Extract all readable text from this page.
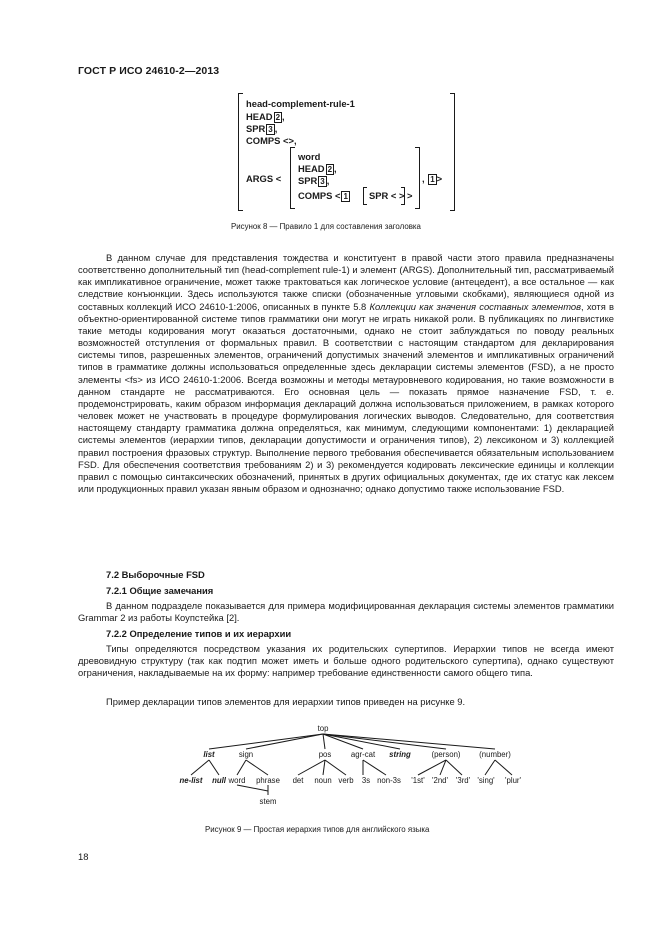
ГОСТ Р ИСО 24610-2—2013
head-complement-rule-1
HEAD 2 ,
SPR 3 ,
COMPS <>,
ARGS <
word
HEAD 2 ,
SPR 3 ,
COMPS < 1 SPR < > >
, 1 >
Рисунок 8 — Правило 1 для составления заголовка

В данном случае для представления тождества и конституент в правой части этого правила предназначены соответственно дополнительный тип (head-complement rule-1) и элемент (ARGS). Дополнительный тип, рассматриваемый как импликативное ограничение, может также трактоваться как логическое условие (антецедент), а все остальное — как следствие конъюнкции. Здесь используются также списки (обозначенные угловыми скобками), являющиеся одной из составных коллекций ИСО 24610-1:2006, описанных в пункте 5.8 Коллекции как значения составных элементов, хотя в объектно-ориентированной системе типов грамматики они могут не играть никакой роли. В публикациях по лингвистике такие методы кодирования могут оказаться достаточными, однако не стоит заблуждаться по поводу реальных возможностей отступления от формальных правил. В соответствии с настоящим стандартом для декларирования системы типов, разрешенных элементов, ограничений допустимых значений элементов и импликативных ограничений типов в грамматике должны использоваться определенные здесь декларации системы элементов (FSD), а не просто элементы <fs> из ИСО 24610-1:2006. Всегда возможны и методы метауровневого кодирования, но такие возможности в данном стандарте не рассматриваются. Его основная цель — показать прямое назначение FSD, т. е. продемонстрировать, каким образом информация деклараций должна использоваться приложением, в рамках которого человек может не участвовать в процедуре формулирования логических выводов. Следовательно, для соответствия настоящему стандарту грамматика должна определяться, как минимум, следующими компонентами: 1) декларацией системы элементов (иерархии типов, декларации допустимости и ограничения типов), 2) лексиконом и 3) коллекцией правил построения фразовых структур. Выполнение первого требования обеспечивается обязательным использованием FSD. Для обеспечения соответствия требованиям 2) и 3) рекомендуется кодировать лексические единицы и коллекции правил с помощью синтаксических обозначений, принятых в других официальных документах, где их статус как лексем или продукционных правил указан явным образом и однозначно; однако допустимо также использование FSD.

7.2 Выборочные FSD
7.2.1 Общие замечания

В данном подразделе показывается для примера модифицированная декларация системы элементов грамматики Grammar 2 из работы Коупстейка [2].

7.2.2 Определение типов и их иерархии

Типы определяются посредством указания их родительских супертипов. Иерархии типов не всегда имеют древовидную структуру (так как подтип может иметь и больше одного родительского супертипа), однако существуют ограничения, накладываемые на их форму: например требование единственности самого общего типа.

Пример декларации типов элементов для иерархии типов приведен на рисунке 9.

top
list	sign	pos	agr-cat string	(person) (number)
ne-list null word phrase det noun verb 3s non-3s '1st' '2nd' '3rd' 'sing' 'plur'
stem
Рисунок 9 — Простая иерархия типов для английского языка
18
